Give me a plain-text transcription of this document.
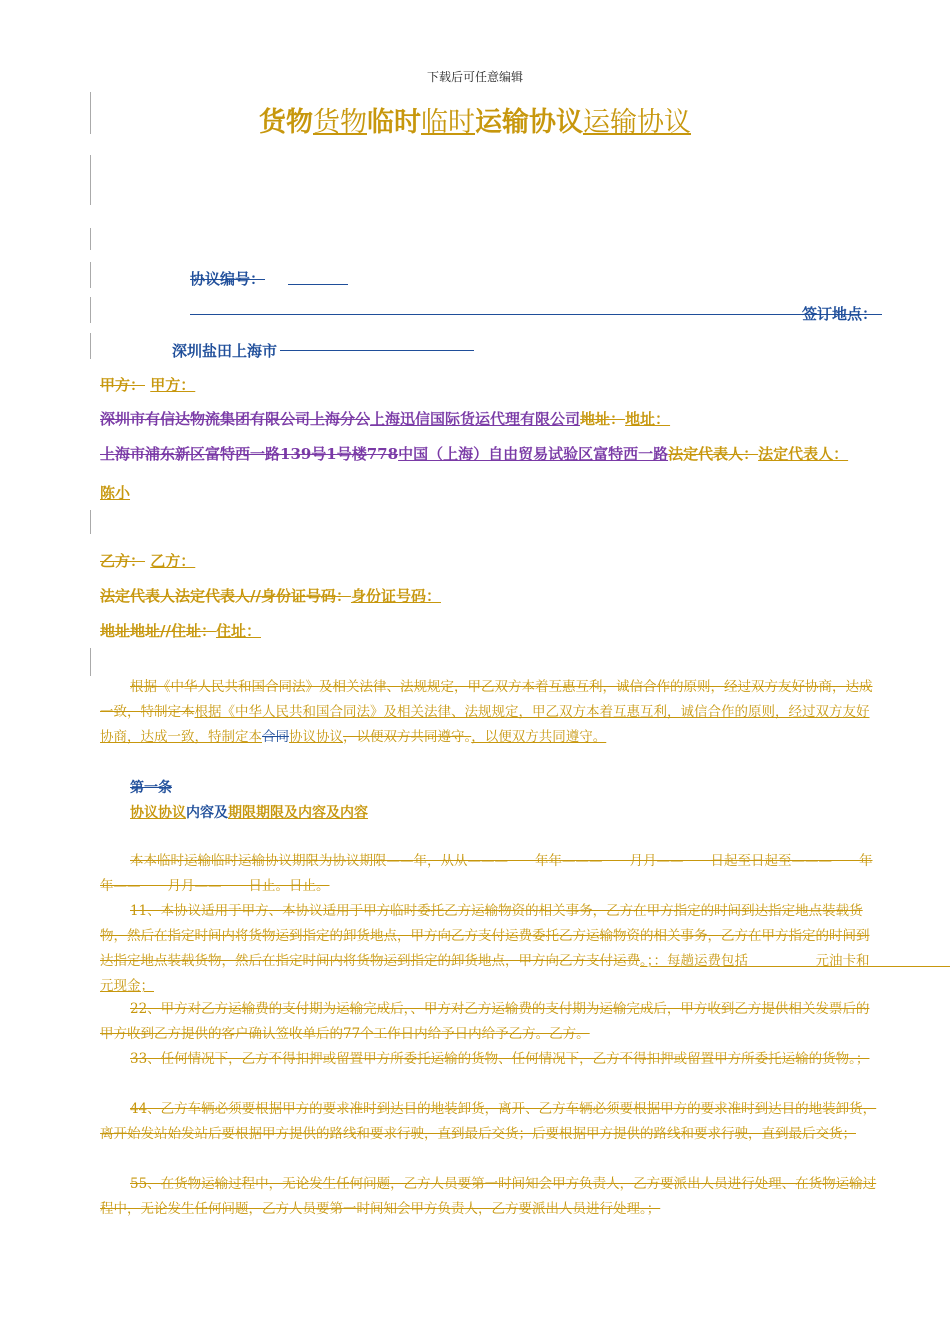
下载后可任意编辑
货物货物临时临时运输协议运输协议
协议编号：
签订地点：
深圳盐田上海市
甲方： 甲方：
深圳市有信达物流集团有限公司上海分公上海迅信国际货运代理有限公司地址：地址：
上海市浦东新区富特西一路139号1号楼778中国（上海）自由贸易试验区富特西一路法定代表人：法定代表人：
陈小
乙方： 乙方：
法定代表人法定代表人//身份证号码：身份证号码：
地址地址//住址：住址：
根据《中华人民共和国合同法》及相关法律、法规规定，甲乙双方本着互惠互利，诚信合作的原则，经过双方友好协商，达成一致，特制定本根据《中华人民共和国合同法》及相关法律、法规规定，甲乙双方本着互惠互利，诚信合作的原则，经过双方友好协商，达成一致，特制定本合同协议协议，以便双方共同遵守。，以便双方共同遵守。
第一条
协议协议内容及期限期限及内容及内容
本本临时运输临时运输协议期限为协议期限——年，从从———　　年年———　　月月——　　日起至日起至———　　年年——　　月月——　　日止。日止。
11、本协议适用于甲方、本协议适用于甲方临时委托乙方运输物资的相关事务，乙方在甲方指定的时间到达指定地点装载货物，然后在指定时间内将货物运到指定的卸货地点，甲方向乙方支付运费委托乙方运输物资的相关事务，乙方在甲方指定的时间到达指定地点装载货物，然后在指定时间内将货物运到指定的卸货地点，甲方向乙方支付运费。；：每趟运费包括　　　　　元油卡和　　　　　　元现金；
22、甲方对乙方运输费的支付期为运输完成后，、甲方对乙方运输费的支付期为运输完成后，甲方收到乙方提供相关发票后的甲方收到乙方提供的客户确认签收单后的77个工作日内给予日内给予乙方。乙方。
33、任何情况下，乙方不得扣押或留置甲方所委托运输的货物、任何情况下，乙方不得扣押或留置甲方所委托运输的货物。；
44、乙方车辆必须要根据甲方的要求准时到达目的地装卸货，离开、乙方车辆必须要根据甲方的要求准时到达目的地装卸货，离开始发站始发站后要根据甲方提供的路线和要求行驶，直到最后交货；后要根据甲方提供的路线和要求行驶，直到最后交货；
55、在货物运输过程中，无论发生任何问题，乙方人员要第一时间知会甲方负责人，乙方要派出人员进行处理、在货物运输过程中，无论发生任何问题，乙方人员要第一时间知会甲方负责人，乙方要派出人员进行处理。；
